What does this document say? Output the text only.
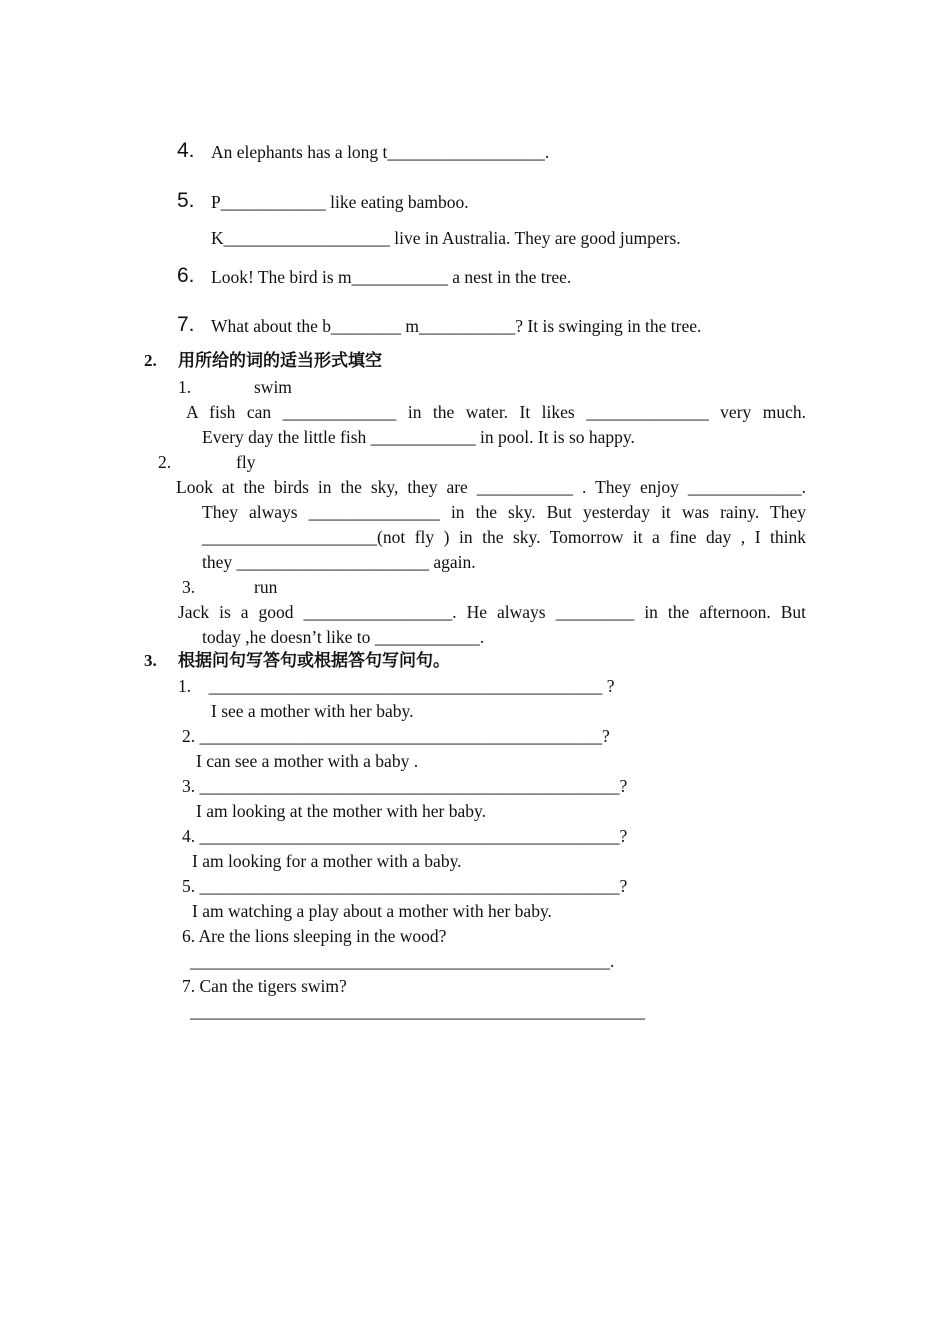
4. An elephants has a long t__________________.
5. P____________ like eating bamboo.
K___________________ live in Australia. They are good jumpers.
6. Look! The bird is m___________ a nest in the tree.
7. What about the b________ m___________? It is swinging in the tree.
2. 用所给的词的适当形式填空
1.	swim
A fish can _____________ in the water. It likes ______________ very much.
Every day the little fish ____________ in pool. It is so happy.
2.	fly
Look at the birds in the sky, they are ___________ . They enjoy _____________.
They always _______________ in the sky. But yesterday it was rainy. They
____________________(not fly ) in the sky. Tomorrow it a fine day , I think
they ______________________ again.
3.	run
Jack is a good _________________. He always _________ in the afternoon. But
today ,he doesn’t like to ____________.
3. 根据问句写答句或根据答句写问句。
1.    _____________________________________________ ?
I see a mother with her baby.
2. ______________________________________________?
I can see a mother with a baby .
3. ________________________________________________?
I am looking at the mother with her baby.
4. ________________________________________________?
I am looking for a mother with a baby.
5. ________________________________________________?
I am watching a play about a mother with her baby.
6. Are the lions sleeping in the wood?
________________________________________________.
7. Can the tigers swim?
____________________________________________________
